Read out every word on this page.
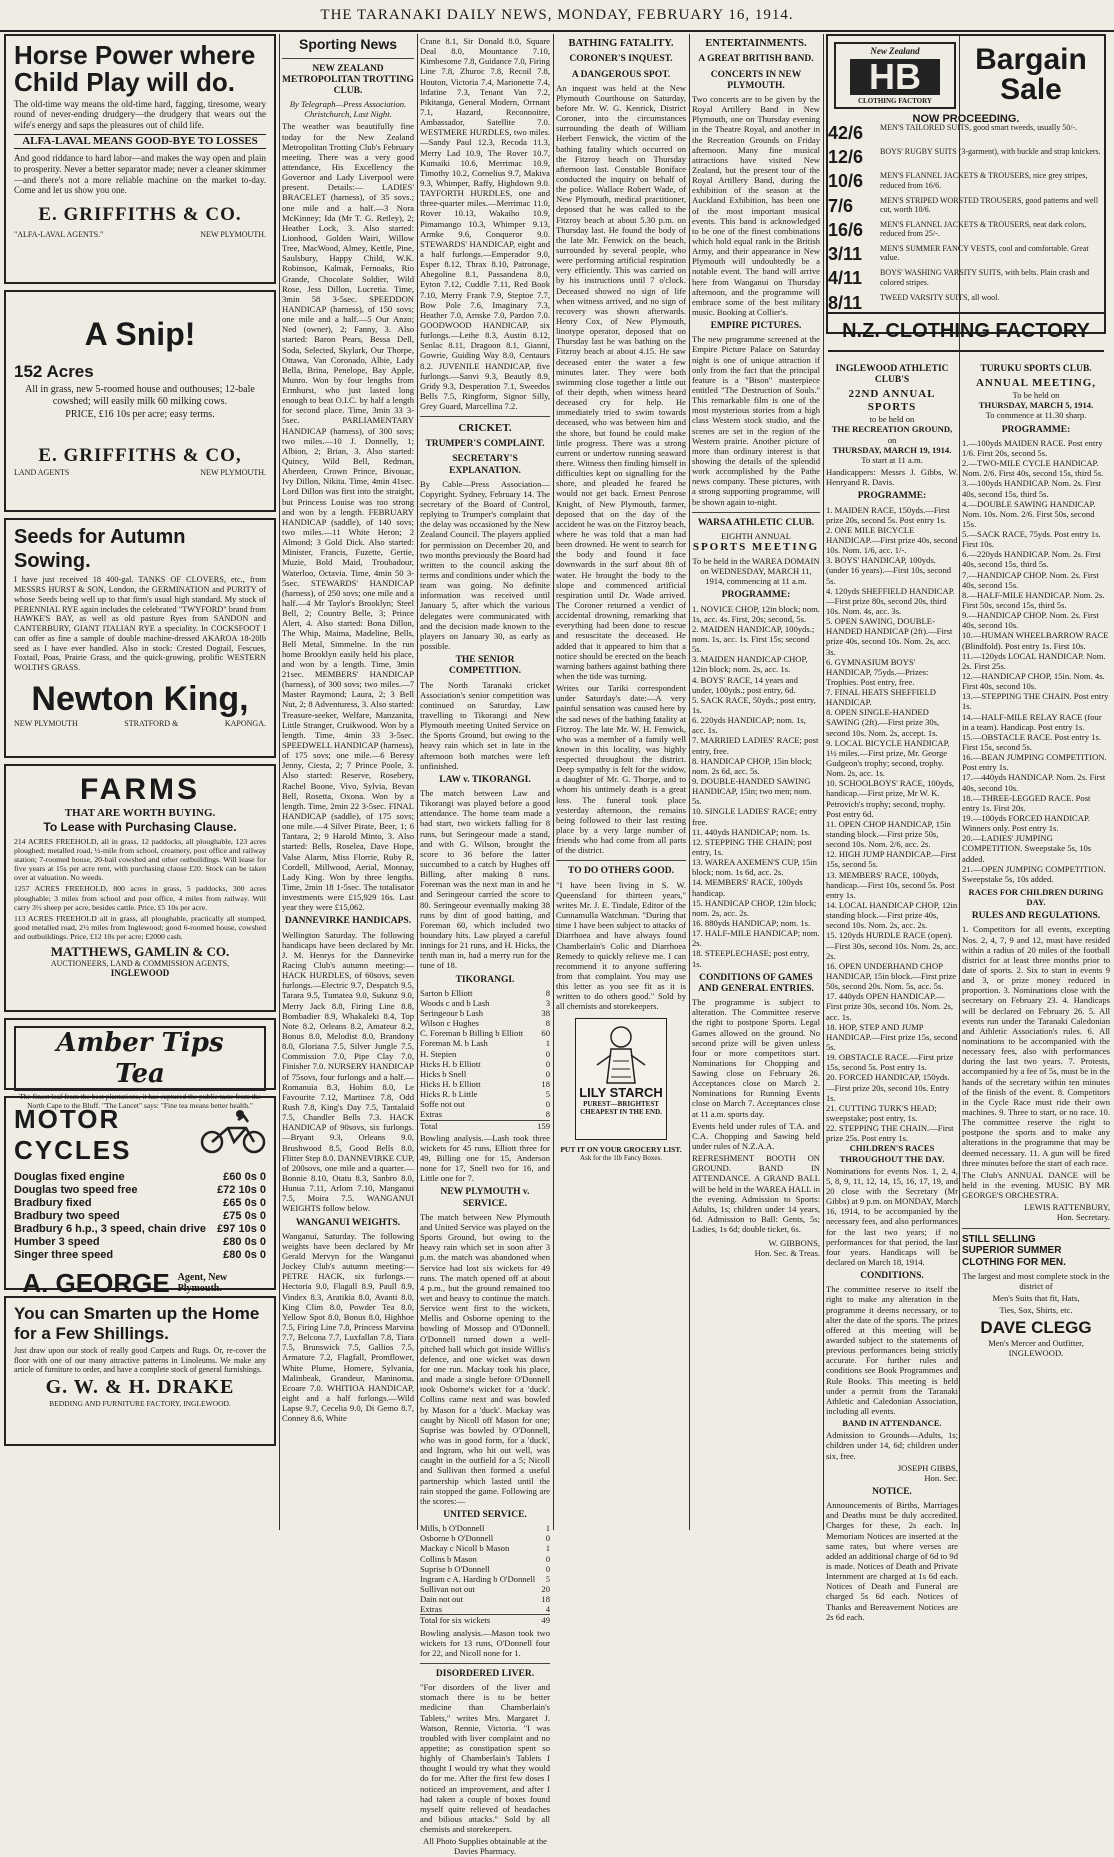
THE TARANAKI DAILY NEWS, MONDAY, FEBRUARY 16, 1914.
Horse Power where Child Play will do.

The old-time way means the old-time hard, fagging, tiresome, weary round of never-ending drudgery—the drudgery that wears out the wife's energy and saps the pleasures out of child life.

ALFA-LAVAL MEANS GOOD-BYE TO LOSSES

And good riddance to hard labor—and makes the way open and plain to prosperity. Never a better separator made; never a cleaner skimmer—and there's not a more reliable machine on the market to-day. Come and let us show you one.

E. GRIFFITHS & CO.
"ALFA-LAVAL AGENTS."	NEW PLYMOUTH.
A Snip!
152 Acres

All in grass, new 5-roomed house and outhouses; 12-bale cowshed; will easily milk 60 milking cows.

PRICE, £16 10s per acre; easy terms.
E. GRIFFITHS & CO,
LAND AGENTS	NEW PLYMOUTH.
Seeds for Autumn Sowing.

I have just received 18 400-gal. TANKS OF CLOVERS, etc., from MESSRS HURST & SON, London, the GERMINATION and PURITY of whose Seeds being well up to that firm's usual high standard. My stock of PERENNIAL RYE again includes the celebrated "TWYFORD" brand from HAWKE'S BAY, as well as old pasture Ryes from SANDON and CANTERBURY, GIANT ITALIAN RYE a speciality. In COCKSFOOT I can offer as fine a sample of double machine-dressed AKAROA 18-20lb seed as I have ever handled. Also in stock: Crested Dogtail, Fescues, Foxtail, Poas, Prairie Grass, and the quick-growing, prolific WESTERN WOLTH'S GRASS.

Newton King,
NEW PLYMOUTH	STRATFORD &	KAPONGA.
FARMS
THAT ARE WORTH BUYING.
To Lease with Purchasing Clause.

214 ACRES FREEHOLD, all in grass, 12 paddocks, all ploughable, 123 acres ploughed; metalled road, ½-mile from school, creamery, post office and railway station; 7-roomed house, 20-bail cowshed and other outbuildings. Will lease for five years at 15s per acre rent, with purchasing clause £20. Stock can be taken over at valuation. No weeds.

1257 ACRES FREEHOLD, 800 acres in grass, 5 paddocks, 300 acres ploughable; 3 miles from school and post office, 4 miles from railway. Will carry 3½ sheep per acre, besides cattle. Price, £5 10s per acre.

113 ACRES FREEHOLD all in grass, all ploughable, practically all stumped, good metalled road, 2½ miles from Inglewood; good 6-roomed house, cowshed and outbuildings. Price, £12 10s per acre; £2000 cash.

MATTHEWS, GAMLIN & CO.
AUCTIONEERS, LAND & COMMISSION AGENTS,
INGLEWOOD
Amber Tips Tea

The finest leaf from the best plantations, it has captured the public taste from the North Cape to the Bluff. "The Lancet" says: "Fine tea means better health."

MOTOR
CYCLES
Douglas fixed engine	£60 0s 0
Douglas two speed free	£72 10s 0
Bradbury fixed	£65 0s 0
Bradbury two speed	£75 0s 0
Bradbury 6 h.p., 3 speed, chain drive £97 10s 0
Humber 3 speed	£80 0s 0
Singer three speed	£80 0s 0
A. GEORGE Agent, New Plymouth.
You can Smarten up the Home
for a Few Shillings.

Just draw upon our stock of really good Carpets and Rugs. Or, re-cover the floor with one of our many attractive patterns in Linoleums. We make any article of furniture to order, and have a complete stock of general furnishings.

G. W. & H. DRAKE
BEDDING AND FURNITURE FACTORY, INGLEWOOD.
Sporting News
NEW ZEALAND METROPOLITAN TROTTING CLUB.
By Telegraph—Press Association. Christchurch, Last Night.

The weather was beautifully fine today for the New Zealand Metropolitan Trotting Club's February meeting. There was a very good attendance, His Excellency the Governor and Lady Liverpool were present. Details:— LADIES' BRACELET (harness), of 35 sovs.; one mile and a half.—3 Nora McKinney; Ida (Mr T. G. Retley), 2; Heather Lock, 3. Also started: Lionhood, Golden Wairi, Willow Tree, MacWood, Almey, Kettle, Pine, Saulsbury, Happy Child, W.K. Robinson, Kalmak, Fernoaks, Rio Grande, Chocolate Soldier, Wild Rose, Jess Dillon, Lucretia. Time, 3min 58 3-5sec. SPEEDDON HANDICAP (harness), of 150 sovs; one mile and a half.—5 Our Anzo; Ned (owner), 2; Fanny, 3. Also started: Baron Pears, Bessa Dell, Soda, Selected, Skylark, Our Thorpe, Ottawa, Van Coronado, Albie, Lady Bella, Brina, Penelope, Bay Apple, Munro. Won by four lengths from Ermhurst, who just lasted long enough to beat O.I.C. by half a length for second place. Time, 3min 33 3-5sec. PARLIAMENTARY HANDICAP (harness), of 300 sovs; two miles.—10 J. Donnelly, 1; Albion, 2; Brian, 3. Also started: Quincy, Wild Bell, Redman, Aberdeen, Crown Prince, Bivouac, Ivy Dillon, Nikita. Time, 4min 41sec. Lord Dillon was first into the straight, but Princess Louise was too strong and won by a length. FEBRUARY HANDICAP (saddle), of 140 sovs; two miles.—11 White Heron; 2 Almond; 3 Gold Dick. Also started: Minister, Francis, Fuzette, Gertie, Muzie, Bold Maid, Troubadour, Waterloo, Octavia. Time, 4min 50 3-5sec. STEWARDS' HANDICAP (harness), of 250 sovs; one mile and a half.—4 Mr Taylor's Brooklyn; Steel Bell, 2; Country Belle, 3; Prince Alert, 4. Also started: Bona Dillon, The Whip, Maima, Madeline, Bells, Bell Metal, Simmelne. In the run home Brooklyn easily held his place, and won by a length. Time, 3min 21sec. MEMBERS' HANDICAP (harness), of 300 sovs; two miles.—7 Master Raymond; Laura, 2; 3 Bell Nut, 2; 8 Adventuress, 3. Also started: Treasure-seeker, Welfare, Manzanita, Little Stranger, Cruikwood. Won by a length. Time, 4min 33 3-5sec. SPEEDWELL HANDICAP (harness), of 175 sovs; one mile.—6 Beresy Jenny, Ciesta, 2; 7 Prince Poole, 3. Also started: Reserve, Rosebery, Rachel Boone, Vivo, Sylvia, Bevan Bell, Rosetta, Oxona. Won by a length. Time, 2min 22 3-5sec. FINAL HANDICAP (saddle), of 175 sovs; one mile.—4 Silver Pirate, Beer, 1; 6 Tantara, 2; 9 Harold Minto, 3. Also started: Bells, Roselea, Dave Hope, Valse Alarm, Miss Florrie, Ruby R, Cordell, Millwood, Aerial, Monnay, Lady King. Won by three lengths. Time, 2min 18 1-5sec. The totalisator investments were £15,929 16s. Last year they were £15,062.

DANNEVIRKE HANDICAPS.

Wellington Saturday. The following handicaps have been declared by Mr. J. M. Henrys for the Dannevirke Racing Club's autumn meeting:— HACK HURDLES, of 60sovs, seven furlongs.—Electric 9.7, Despatch 9.5, Tarara 9.5, Tumatea 9.0, Sukunz 9.0, Merry Jack 8.8, Firing Line 8.8, Bombadier 8.9, Whakaleki 8.4, Top Note 8.2, Orleans 8.2, Amateur 8.2, Bonus 8.0, Melodist 8.0, Brandony 8.0, Gloriana 7.5, Silver Jungle 7.5, Commission 7.0, Pipe Clay 7.0, Finisher 7.0. NURSERY HANDICAP of 75sovs, four furlongs and a half.—Romanuia 8.3, Hohim 8.0, Le Favourite 7.12, Martinez 7.8, Odd Rush 7.8, King's Day 7.5, Tantalaid 7.5, Chandler Bells 7.3. HACK HANDICAP of 90sovs, six furlongs.—Bryant 9.3, Orleans 9.0, Brushwood 8.5, Good Bells 8.0, Flitter Step 8.0. DANNEVIRKE CUP, of 200sovs, one mile and a quarter.—Bonnie 8.10, Otatu 8.3, Sanbro 8.0, Hunua 7.11, Arlom 7.10, Manganui 7.5, Moira 7.5. WANGANUI WEIGHTS follow below.

WANGANUI WEIGHTS.

Wanganui, Saturday. The following weights have been declared by Mr Gerald Mervyn for the Wanganui Jockey Club's autumn meeting:— PETRE HACK, six furlongs.—Hectoria 9.0, Flagall 8.9, Paull 8.9, Vindex 8.3, Aratikia 8.0, Avanti 8.0, King Clim 8.0, Powder Tea 8.0, Yellow Spot 8.0, Bonus 8.0, Highhoe 7.5, Firing Line 7.8, Princess Marvina 7.7, Belcona 7.7, Luxfallan 7.8, Tiara 7.5, Brunswick 7.5, Gallios 7.5, Armature 7.2, Flagfall, Promflower, White Plume, Homere, Sylvania, Malinbeak, Grandeur, Maninoma, Ecoare 7.0. WHITIOA HANDICAP, eight and a half furlongs.—Wild Lapse 9.7, Cecelia 9.0, Di Gemo 8.7, Conney 8.6, White

Crane 8.1, Sir Donald 8.0, Square Deal 8.0, Mountance 7.10, Kimbesome 7.8, Guidance 7.0, Firing Line 7.8, Zhuroc 7.8, Recoil 7.8, Houton, Victoria 7.4, Marionette 7.4, Infatine 7.3, Tenant Van 7.2, Pikitanga, General Modern, Orrnant 7.1, Hazard, Reconnoitre, Ambassador, Satellite 7.0. WESTMERE HURDLES, two miles.—Sandy Paul 12.3, Recoda 11.3, Merry Lad 10.9, The Rover 10.7, Kumaiki 10.6, Merrimac 10.9, Timothy 10.2, Cornelius 9.7, Makiva 9.3, Whimper, Raffy, Highdown 9.0. TAYFORTH HURDLES, one and three-quarter miles.—Merrimac 11.0, Rover 10.13, Wakaiho 10.9, Pimamango 10.3, Whimper 9.13, Armke 9.6, Conqueror 9.0. STEWARDS' HANDICAP, eight and a half furlongs.—Emperador 9.0, Esper 8.12, Thrax 8.10, Patronage, Ahegoline 8.1, Passandena 8.0, Eyton 7.12, Cuddle 7.11, Red Book 7.10, Merry Frank 7.9, Steptoe 7.7, Bow Pole 7.6, Imaginary 7.3, Heather 7.0, Arnske 7.0, Pardon 7.0. GOODWOOD HANDICAP, six furlongs.—Lethe 8.3, Austin 8.12, Senlac 8.11, Dragoon 8.1, Gianni, Gowrie, Guiding Way 8.0, Centaurs 8.2. JUVENILE HANDICAP, five furlongs.—Sanvi 9.3, Beautly 8.9, Gridy 9.3, Desperation 7.1, Sweedos Bells 7.5, Ringform, Signor Silly, Grey Guard, Marcellina 7.2.

CRICKET.
TRUMPER'S COMPLAINT.
SECRETARY'S EXPLANATION.

By Cable—Press Association—Copyright. Sydney, February 14. The secretary of the Board of Control, replying to Trumper's complaint that the delay was occasioned by the New Zealand Council. The players applied for permission on December 20, and two months previously the Board had written to the council asking the terms and conditions under which the team was going. No definite information was received until January 5, after which the various delegates were communicated with and the decision made known to the players on January 30, as early as possible.

THE SENIOR COMPETITION.

The North Taranaki cricket Association's senior competition was continued on Saturday, Law travelling to Tikorangi and New Plymouth meeting United Service on the Sports Ground, but owing to the heavy rain which set in late in the afternoon both matches were left unfinished.

LAW v. TIKORANGI.

The match between Law and Tikorangi was played before a good attendance. The home team made a bad start, two wickets falling for 8 runs, but Seringeour made a stand, and with G. Wilson, brought the score to 36 before the latter succumbed to a catch by Hughes off Billing, after making 8 runs. Foreman was the next man in and he and Seringeour carried the score to 80. Seringeour eventually making 38 runs by dint of good batting, and Foreman 60, which included two boundary hits. Law played a careful innings for 21 runs, and H. Hicks, the tenth man in, had a merry run for the tune of 18.

TIKORANGI.
Sarton b Elliott	8
Woods c and b Lash	3
Seringeour b Lash	38
Wilson c Hughes	8
C. Foreman b Billing b Elliott 60
Foreman M. b Lash	1
H. Stepien	0
Hicks H. b Elliott	0
Hicks b Snell	0
Hicks H. b Elliott	18
Hicks R. b Little	5
Soffe not out	0
Extras	8
Total	159

Bowling analysis.—Lash took three wickets for 45 runs, Elliott three for 49, Billing one for 15, Anderson none for 17, Snell two for 16, and Little one for 7.

NEW PLYMOUTH v. SERVICE.

The match between New Plymouth and United Service was played on the Sports Ground, but owing to the heavy rain which set in soon after 3 p.m. the match was abandoned when Service had lost six wickets for 49 runs. The match opened off at about 4 p.m., but the ground remained too wet and heavy to continue the match. Service went first to the wickets, Mellis and Osborne opening to the bowling of Mossop and O'Donnell. O'Donnell turned down a well-pitched ball which got inside Willis's defence, and one wicket was down for one run. Mackay took his place, and made a single before O'Donnell took Osborne's wicket for a 'duck'. Collins came next and was bowled by Mason for a 'duck'. Mackay was caught by Nicoll off Mason for one; Suprise was bowled by O'Donnell, who was in good form, for a 'duck', and Ingram, who hit out well, was caught in the outfield for a 5; Nicoll and Sullivan then formed a useful partnership which lasted until the rain stopped the game. Following are the scores:—

UNITED SERVICE.
Mills, b O'Donnell	1
Osborne b O'Donnell	0
Mackay c Nicoll b Mason	1
Collins b Mason	0
Suprise b O'Donnell	0
Ingram c A. Harding b O'Donnell 5
Sullivan not out	20
Dain not out	18
Extras	4
Total for six wickets	49

Bowling analysis.—Mason took two wickets for 13 runs, O'Donnell four for 22, and Nicoll none for 1.

DISORDERED LIVER.

"For disorders of the liver and stomach there is to be better medicine than Chamberlain's Tablets," writes Mrs. Margaret J. Watson, Rennie, Victoria. "I was troubled with liver complaint and no appetite; as constipation spent so highly of Chamberlain's Tablets I thought I would try what they would do for me. After the first few doses I noticed an improvement, and after I had taken a couple of boxes found myself quite relieved of headaches and bilious attacks." Sold by all chemists and storekeepers.

All Photo Supplies obtainable at the Davies Pharmacy.

BATHING FATALITY.
CORONER'S INQUEST.
A DANGEROUS SPOT.

An inquest was held at the New Plymouth Courthouse on Saturday, before Mr. W. G. Kenrick, District Coroner, into the circumstances surrounding the death of William Herbert Fenwick, the victim of the bathing fatality which occurred on the Fitzroy beach on Thursday afternoon last. Constable Boniface conducted the inquiry on behalf of the police. Wallace Robert Wade, of New Plymouth, medical practitioner, deposed that he was called to the Fitzroy beach at about 5.30 p.m. on Thursday last. He found the body of the late Mr. Fenwick on the beach, surrounded by several people, who were performing artificial respiration very efficiently. This was carried on by his instructions until 7 o'clock. Deceased showed no sign of life when witness arrived, and no sign of recovery was shown afterwards. Henry Cox, of New Plymouth, linotype operator, deposed that on Thursday last he was bathing on the Fitzroy beach at about 4.15. He saw deceased enter the water a few minutes later. They were both swimming close together a little out of their depth, when witness heard deceased cry for help. He immediately tried to swim towards deceased, who was between him and the shore, but found he could make little progress. There was a strong current or undertow running seaward there. Witness then finding himself in difficulties kept on signalling for the shore, and pleaded he feared he would not get back. Ernest Penrose Knight, of New Plymouth, farmer, deposed that on the day of the accident he was on the Fitzroy beach, where he was told that a man had been drowned. He went to search for the body and found it face downwards in the surf about 8ft of water. He brought the body to the slope and commenced artificial respiration until Dr. Wade arrived. The Coroner returned a verdict of accidental drowning, remarking that everything had been done to rescue and resuscitate the deceased. He added that it appeared to him that a notice should be erected on the beach warning bathers against bathing there when the tide was turning.

Writes our Tariki correspondent under Saturday's date:—A very painful sensation was caused here by the sad news of the bathing fatality at Fitzroy. The late Mr. W. H. Fenwick, who was a member of a family well known in this locality, was highly respected throughout the district. Deep sympathy is felt for the widow, a daughter of Mr. G. Thorpe, and to whom his untimely death is a great loss. The funeral took place yesterday afternoon, the remains being followed to their last resting place by a very large number of friends who had come from all parts of the district.

TO DO OTHERS GOOD.

"I have been living in S. W. Queensland for thirteen years," writes Mr. J. E. Tindale, Editor of the Cunnamulla Watchman. "During that time I have been subject to attacks of Diarrhoea and have always found Chamberlain's Colic and Diarrhoea Remedy to quickly relieve me. I can recommend it to anyone suffering from that complaint. You may use this letter as you see fit as it is written to do others good." Sold by all chemists and storekeepers.

LILY STARCH
PUREST—BRIGHTEST
CHEAPEST IN THE END.
PUT IT ON YOUR GROCERY LIST.
Ask for the 1lb Fancy Boxes.
ENTERTAINMENTS.
A GREAT BRITISH BAND.
CONCERTS IN NEW PLYMOUTH.

Two concerts are to be given by the Royal Artillery Band in New Plymouth, one on Thursday evening in the Theatre Royal, and another in the Recreation Grounds on Friday afternoon. Many fine musical attractions have visited New Zealand, but the present tour of the Royal Artillery Band, during the exhibition of the season at the Auckland Exhibition, has been one of the most important musical events. This band is acknowledged to be one of the finest combinations which hold equal rank in the British Army, and their appearance in New Plymouth will undoubtedly be a notable event. The band will arrive here from Wanganui on Thursday afternoon, and the programme will embrace some of the best military music. Booking at Collier's.

EMPIRE PICTURES.

The new programme screened at the Empire Picture Palace on Saturday night is one of unique attraction if only from the fact that the principal feature is a "Bison" masterpiece entitled "The Destruction of Souls." This remarkable film is one of the most mysterious stories from a high class Western stock studio, and the scenes are set in the region of the Western prairie. Another picture of more than ordinary interest is that showing the details of the splendid work accomplished by the Pathe news company. These pictures, with a strong supporting programme, will be shown again to-night.

WARSA ATHLETIC CLUB.
EIGHTH ANNUAL
SPORTS MEETING

To be held in the WAREA DOMAIN on WEDNESDAY, MARCH 11, 1914, commencing at 11 a.m.

PROGRAMME:
1. NOVICE CHOP, 12in block; nom. 1s, acc. 4s. First, 20s; second, 5s.
2. MAIDEN HANDICAP, 100yds.; nom. 1s, acc. 1s. First 15s; second 5s.
3. MAIDEN HANDICAP CHOP, 12in block; nom. 2s, acc. 1s.
4. BOYS' RACE, 14 years and under, 100yds.; post entry, 6d.
5. SACK RACE, 50yds.; post entry, 1s.
6. 220yds HANDICAP; nom. 1s, acc. 1s.
7. MARRIED LADIES' RACE; post entry, free.
8. HANDICAP CHOP, 15in block; nom. 2s 6d, acc. 5s.
9. DOUBLE-HANDED SAWING HANDICAP, 15in; two men; nom. 5s.
10. SINGLE LADIES' RACE; entry free.
11. 440yds HANDICAP; nom. 1s.
12. STEPPING THE CHAIN; post entry, 1s.
13. WAREA AXEMEN'S CUP, 15in block; nom. 1s 6d, acc. 2s.
14. MEMBERS' RACE, 100yds handicap.
15. HANDICAP CHOP, 12in block; nom. 2s, acc. 2s.
16. 880yds HANDICAP; nom. 1s.
17. HALF-MILE HANDICAP; nom. 2s.
18. STEEPLECHASE; post entry, 1s.
CONDITIONS OF GAMES AND GENERAL ENTRIES.

The programme is subject to alteration. The Committee reserve the right to postpone Sports. Legal Games allowed on the ground. No second prize will be given unless four or more competitors start. Nominations for Chopping and Sawing close on February 26. Acceptances close on March 2. Nominations for Running Events close on March 7. Acceptances close at 11 a.m. sports day.

Events held under rules of T.A. and C.A. Chopping and Sawing held under rules of N.Z.A.A.

REFRESHMENT BOOTH ON GROUND. BAND IN ATTENDANCE. A GRAND BALL will be held in the WAREA HALL in the evening. Admission to Sports: Adults, 1s; children under 14 years, 6d. Admission to Ball: Gents, 5s; Ladies, 1s 6d; double ticket, 6s.

W. GIBBONS,
Hon. Sec. & Treas.
New Zealand
HB
CLOTHING FACTORY
Bargain
Sale
NOW PROCEEDING.
42/6	MEN'S TAILORED SUITS, good smart tweeds, usually 50/-.
12/6	BOYS' RUGBY SUITS (3-garment), with buckle and strap knickers.
10/6	MEN'S FLANNEL JACKETS & TROUSERS, nice grey stripes, reduced from 16/6.
7/6	MEN'S STRIPED WORSTED TROUSERS, good patterns and well cut, worth 10/6.
16/6	MEN'S FLANNEL JACKETS & TROUSERS, neat dark colors, reduced from 25/-.
3/11	MEN'S SUMMER FANCY VESTS, cool and comfortable. Great value.
4/11	BOYS' WASHING VARSITY SUITS, with belts. Plain crash and colored stripes.
8/11	TWEED VARSITY SUITS, all wool.
N.Z. CLOTHING FACTORY
INGLEWOOD ATHLETIC CLUB'S
22ND ANNUAL SPORTS
to be held on
THE RECREATION GROUND,
on
THURSDAY, MARCH 19, 1914.
To start at 11 a.m.

Handicappers: Messrs J. Gibbs, W. Henryand R. Davis.

PROGRAMME:
1. MAIDEN RACE, 150yds.—First prize 20s, second 5s. Post entry 1s.
2. ONE MILE BICYCLE HANDICAP.—First prize 40s, second 10s. Nom. 1/6, acc. 1/-.
3. BOYS' HANDICAP, 100yds. (under 16 years).—First 10s, second 5s.
4. 120yds SHEFFIELD HANDICAP.—First prize 80s, second 20s, third 10s. Nom. 4s, acc. 3s.
5. OPEN SAWING, DOUBLE-HANDED HANDICAP (2ft).—First prize 40s, second 10s. Nom. 2s, acc. 3s.
6. GYMNASIUM BOYS' HANDICAP, 75yds.—Prizes: Trophies. Post entry, free.
7. FINAL HEATS SHEFFIELD HANDICAP.
8. OPEN SINGLE-HANDED SAWING (2ft).—First prize 30s, second 10s. Nom. 2s, accept. 1s.
9. LOCAL BICYCLE HANDICAP, 1½ miles.—First prize, Mr. George Gudgeon's trophy; second, trophy. Nom. 2s, acc. 1s.
10. SCHOOLBOYS' RACE, 100yds, handicap.—First prize, Mr W. K. Petrovich's trophy; second, trophy. Post entry 6d.
11. OPEN CHOP HANDICAP, 15in standing block.—First prize 50s, second 10s. Nom. 2/6, acc. 2s.
12. HIGH JUMP HANDICAP.—First 15s, second 5s.
13. MEMBERS' RACE, 100yds, handicap.—First 10s, second 5s. Post entry 1s.
14. LOCAL HANDICAP CHOP, 12in standing block.—First prize 40s, second 10s. Nom. 2s, acc. 2s.
15. 120yds HURDLE RACE (open).—First 30s, second 10s. Nom. 2s, acc. 2s.
16. OPEN UNDERHAND CHOP HANDICAP, 15in block.—First prize 50s, second 20s. Nom. 5s, acc. 5s.
17. 440yds OPEN HANDICAP.—First prize 30s, second 10s. Nom. 2s, acc. 1s.
18. HOP, STEP AND JUMP HANDICAP.—First prize 15s, second 5s.
19. OBSTACLE RACE.—First prize 15s, second 5s. Post entry 1s.
20. FORCED HANDICAP, 150yds.—First prize 20s, second 10s. Entry 1s.
21. CUTTING TURK'S HEAD; sweepstake; post entry, 1s.
22. STEPPING THE CHAIN.—First prize 25s. Post entry 1s.
CHILDREN'S RACES THROUGHOUT THE DAY.

Nominations for events Nos. 1, 2, 4, 5, 8, 9, 11, 12, 14, 15, 16, 17, 19, and 20 close with the Secretary (Mr Gibbs) at 9 p.m. on MONDAY, March 16, 1914, to be accompanied by the necessary fees, and also performances for the last two years; if no performances for that period, the last four years. Handicaps will be declared on March 18, 1914.

CONDITIONS.

The committee reserve to itself the right to make any alteration in the programme it deems necessary, or to alter the date of the sports. The prizes offered at this meeting will be awarded subject to the statements of previous performances being strictly accurate. For further rules and conditions see Book Programmes and Rule Books. This meeting is held under a permit from the Taranaki Athletic and Caledonian Association, including all events.

BAND IN ATTENDANCE.

Admission to Grounds—Adults, 1s; children under 14, 6d; children under six, free.

JOSEPH GIBBS,
Hon. Sec.
NOTICE.

Announcements of Births, Marriages and Deaths must be duly accredited. Charges for these, 2s each. In Memoriam Notices are inserted at the same rates, but where verses are added an additional charge of 6d to 9d is made. Notices of Death and Private Internment are charged at 1s 6d each. Notices of Death and Funeral are charged 5s 6d each. Notices of Thanks and Bereavement Notices are 2s 6d each.

TURUKU SPORTS CLUB.
ANNUAL MEETING,
To be held on
THURSDAY, MARCH 5, 1914.
To commence at 11.30 sharp.
PROGRAMME:
1.—100yds MAIDEN RACE. Post entry 1/6. First 20s, second 5s.
2.—TWO-MILE CYCLE HANDICAP. Nom. 2/6. First 40s, second 15s, third 5s.
3.—100yds HANDICAP. Nom. 2s. First 40s, second 15s, third 5s.
4.—DOUBLE SAWING HANDICAP. Nom. 10s. Nom. 2/6. First 50s, second 15s.
5.—SACK RACE, 75yds. Post entry 1s. First 10s.
6.—220yds HANDICAP. Nom. 2s. First 40s, second 15s, third 5s.
7.—HANDICAP CHOP. Nom. 2s. First 40s, second 15s.
8.—HALF-MILE HANDICAP. Nom. 2s. First 50s, second 15s, third 5s.
9.—HANDICAP CHOP. Nom. 2s. First 40s, second 10s.
10.—HUMAN WHEELBARROW RACE (Blindfold). Post entry 1s. First 10s.
11.—120yds LOCAL HANDICAP. Nom. 2s. First 25s.
12.—HANDICAP CHOP, 15in. Nom. 4s. First 40s, second 10s.
13.—STEPPING THE CHAIN. Post entry 1s.
14.—HALF-MILE RELAY RACE (four in a team). Handicap. Post entry 1s.
15.—OBSTACLE RACE. Post entry 1s. First 15s, second 5s.
16.—BEAN JUMPING COMPETITION. Post entry 1s.
17.—440yds HANDICAP. Nom. 2s. First 40s, second 10s.
18.—THREE-LEGGED RACE. Post entry 1s. First 20s.
19.—100yds FORCED HANDICAP. Winners only. Post entry 1s.
20.—LADIES' JUMPING COMPETITION. Sweepstake 5s, 10s added.
21.—OPEN JUMPING COMPETITION. Sweepstake 5s, 10s added.
RACES FOR CHILDREN DURING DAY.
RULES AND REGULATIONS.

1. Competitors for all events, excepting Nos. 2, 4, 7, 9 and 12, must have resided within a radius of 20 miles of the football district for at least three months prior to date of sports. 2. Six to start in events 9 and 3, or prize money reduced in proportion. 3. Nominations close with the secretary on February 23. 4. Handicaps will be declared on February 26. 5. All events run under the Taranaki Caledonian and Athletic Association's rules. 6. All nominations to be accompanied with the necessary fees, also with performances during the last two years. 7. Protests, accompanied by a fee of 5s, must be in the hands of the secretary within ten minutes of the finish of the event. 8. Competitors in the Cycle Race must ride their own machines. 9. Three to start, or no race. 10. The committee reserve the right to postpone the sports and to make any alterations in the programme that may be deemed necessary. 11. A gun will be fired three minutes before the start of each race.

The Club's ANNUAL DANCE will be held in the evening. MUSIC BY MR GEORGE'S ORCHESTRA.

LEWIS RATTENBURY,
Hon. Secretary.
STILL SELLING
SUPERIOR SUMMER
CLOTHING FOR MEN.

The largest and most complete stock in the district of

Men's Suits that fit, Hats,

Ties, Sox, Shirts, etc.

DAVE CLEGG
Men's Mercer and Outfitter, INGLEWOOD.
